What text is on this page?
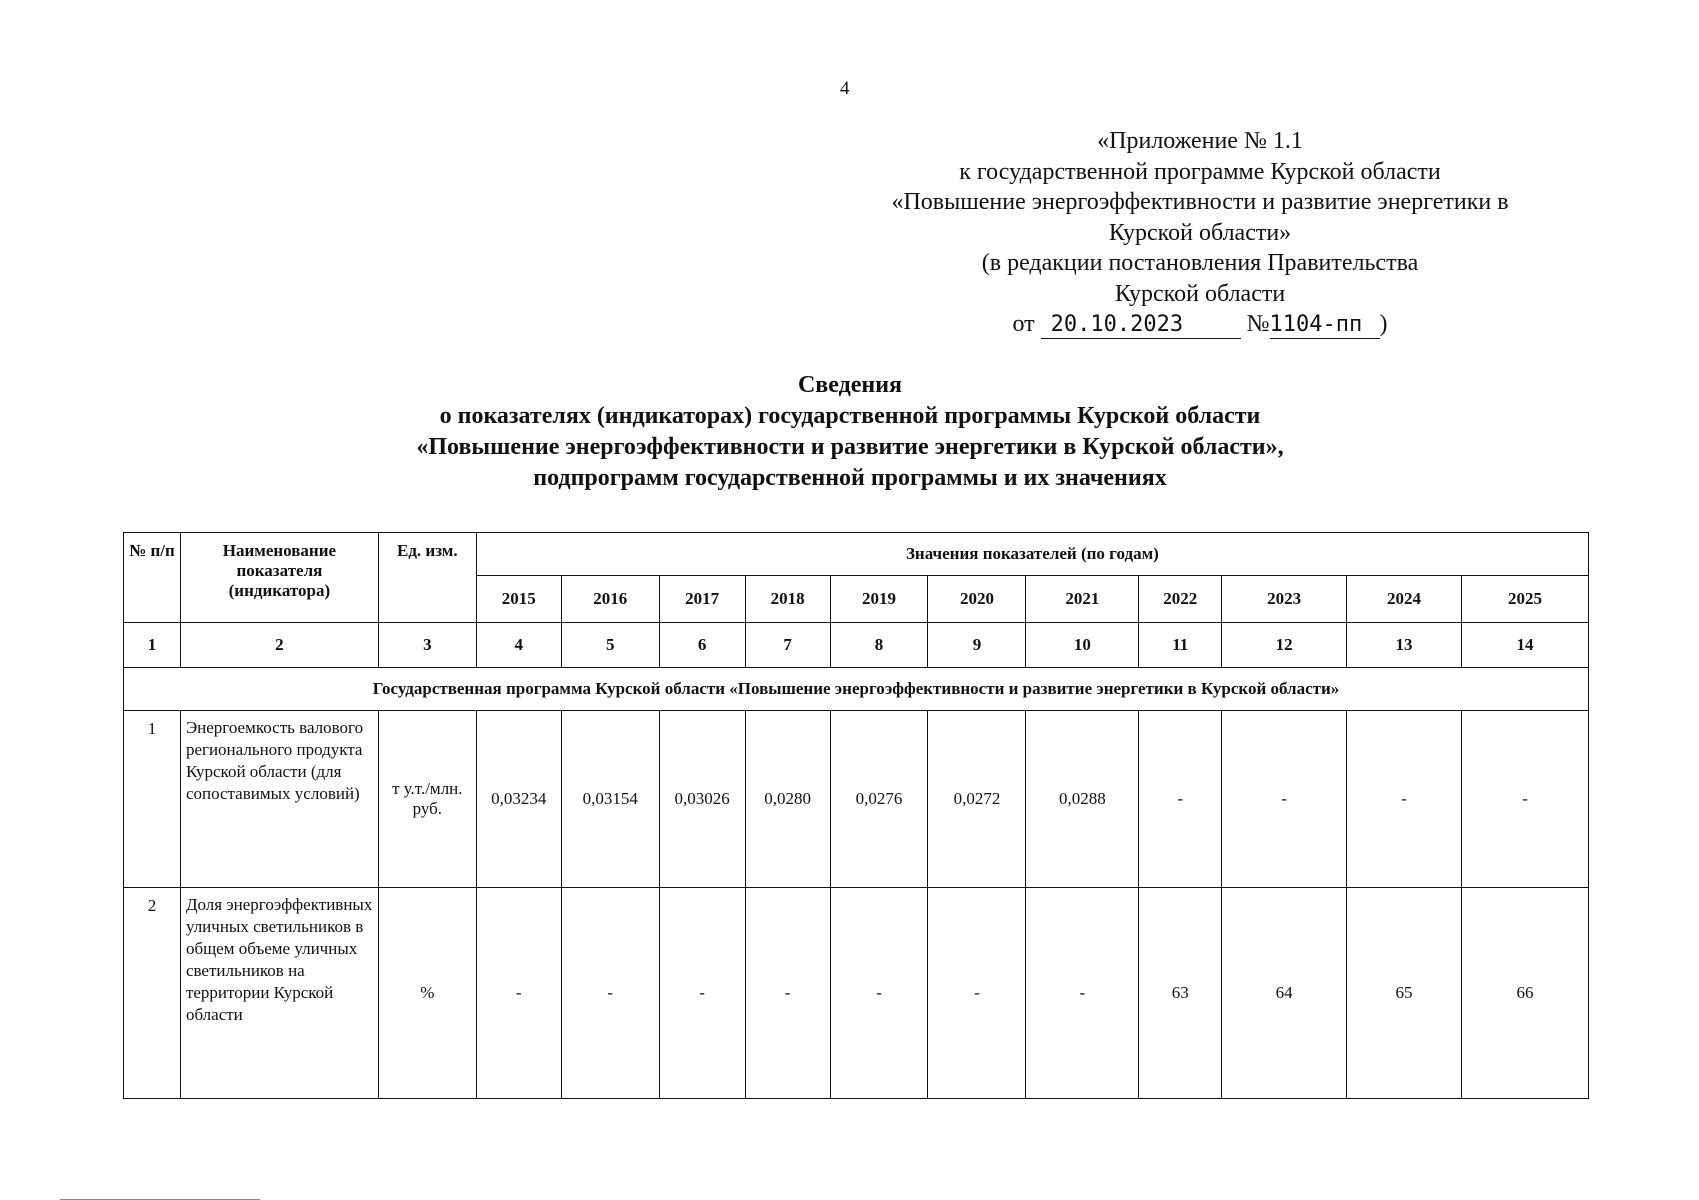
4
«Приложение № 1.1
к государственной программе Курской области
«Повышение энергоэффективности и развитие энергетики в
Курской области»
(в редакции постановления Правительства
Курской области
от 20.10.2023	№1104-пп )
Сведения
о показателях (индикаторах) государственной программы Курской области
«Повышение энергоэффективности и развитие энергетики в Курской области»,
подпрограмм государственной программы и их значениях
№ п/п	Наименование показателя (индикатора)	Ед. изм.	Значения показателей (по годам)										
			2015	2016	2017	2018	2019	2020	2021	2022	2023	2024	2025
1	2	3	4	5	6	7	8	9	10	11	12	13	14
Государственная программа Курской области «Повышение энергоэффективности и развитие энергетики в Курской области»													
1	Энергоемкость валового регионального продукта Курской области (для сопоставимых условий)	т у.т./млн. руб.	0,03234	0,03154	0,03026	0,0280	0,0276	0,0272	0,0288	-	-	-	-
2	Доля энергоэффективных уличных светильников в общем объеме уличных светильников на территории Курской области	%	-	-	-	-	-	-	-	63	64	65	66
